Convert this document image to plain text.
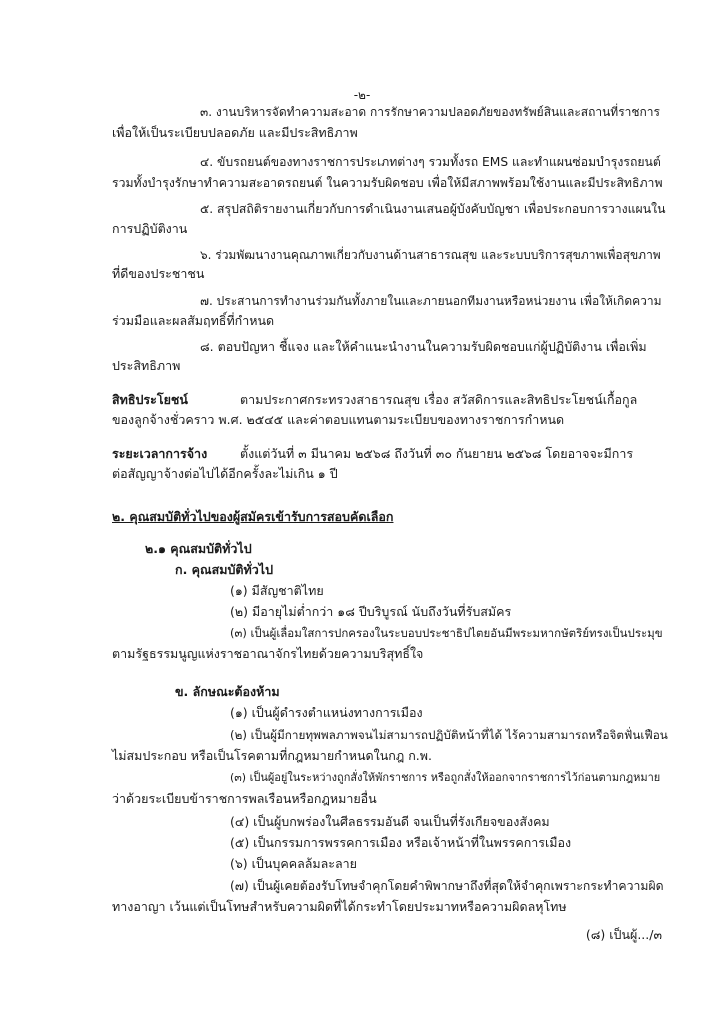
-๒-
๓. งานบริหารจัดทำความสะอาด การรักษาความปลอดภัยของทรัพย์สินและสถานที่ราชการ
เพื่อให้เป็นระเบียบปลอดภัย และมีประสิทธิภาพ
๔. ขับรถยนต์ของทางราชการประเภทต่างๆ รวมทั้งรถ EMS และทำแผนซ่อมบำรุงรถยนต์
รวมทั้งบำรุงรักษาทำความสะอาดรถยนต์ ในความรับผิดชอบ เพื่อให้มีสภาพพร้อมใช้งานและมีประสิทธิภาพ
๕. สรุปสถิติรายงานเกี่ยวกับการดำเนินงานเสนอผู้บังคับบัญชา เพื่อประกอบการวางแผนใน
การปฏิบัติงาน
๖. ร่วมพัฒนางานคุณภาพเกี่ยวกับงานด้านสาธารณสุข และระบบบริการสุขภาพเพื่อสุขภาพ
ที่ดีของประชาชน
๗. ประสานการทำงานร่วมกันทั้งภายในและภายนอกทีมงานหรือหน่วยงาน เพื่อให้เกิดความ
ร่วมมือและผลสัมฤทธิ์ที่กำหนด
๘. ตอบปัญหา ชี้แจง และให้คำแนะนำงานในความรับผิดชอบแก่ผู้ปฏิบัติงาน เพื่อเพิ่ม
ประสิทธิภาพ
สิทธิประโยชน์	ตามประกาศกระทรวงสาธารณสุข เรื่อง สวัสดิการและสิทธิประโยชน์เกื้อกูล
ของลูกจ้างชั่วคราว พ.ศ. ๒๕๔๕ และค่าตอบแทนตามระเบียบของทางราชการกำหนด
ระยะเวลาการจ้าง	ตั้งแต่วันที่ ๓ มีนาคม ๒๕๖๘ ถึงวันที่ ๓๐ กันยายน ๒๕๖๘ โดยอาจจะมีการ
ต่อสัญญาจ้างต่อไปได้อีกครั้งละไม่เกิน ๑ ปี
๒. คุณสมบัติทั่วไปของผู้สมัครเข้ารับการสอบคัดเลือก
๒.๑ คุณสมบัติทั่วไป
ก. คุณสมบัติทั่วไป
(๑) มีสัญชาติไทย
(๒) มีอายุไม่ต่ำกว่า ๑๘ ปีบริบูรณ์ นับถึงวันที่รับสมัคร
(๓) เป็นผู้เลื่อมใสการปกครองในระบอบประชาธิปไตยอันมีพระมหากษัตริย์ทรงเป็นประมุข
ตามรัฐธรรมนูญแห่งราชอาณาจักรไทยด้วยความบริสุทธิ์ใจ
ข. ลักษณะต้องห้าม
(๑) เป็นผู้ดำรงตำแหน่งทางการเมือง
(๒) เป็นผู้มีกายทุพพลภาพจนไม่สามารถปฏิบัติหน้าที่ได้ ไร้ความสามารถหรือจิตฟั่นเฟือน
ไม่สมประกอบ หรือเป็นโรคตามที่กฎหมายกำหนดในกฎ ก.พ.
(๓) เป็นผู้อยู่ในระหว่างถูกสั่งให้พักราชการ หรือถูกสั่งให้ออกจากราชการไว้ก่อนตามกฎหมาย
ว่าด้วยระเบียบข้าราชการพลเรือนหรือกฎหมายอื่น
(๔) เป็นผู้บกพร่องในศีลธรรมอันดี จนเป็นที่รังเกียจของสังคม
(๕) เป็นกรรมการพรรคการเมือง หรือเจ้าหน้าที่ในพรรคการเมือง
(๖) เป็นบุคคลล้มละลาย
(๗) เป็นผู้เคยต้องรับโทษจำคุกโดยคำพิพากษาถึงที่สุดให้จำคุกเพราะกระทำความผิด
ทางอาญา เว้นแต่เป็นโทษสำหรับความผิดที่ได้กระทำโดยประมาทหรือความผิดลหุโทษ
(๘) เป็นผู้.../๓
